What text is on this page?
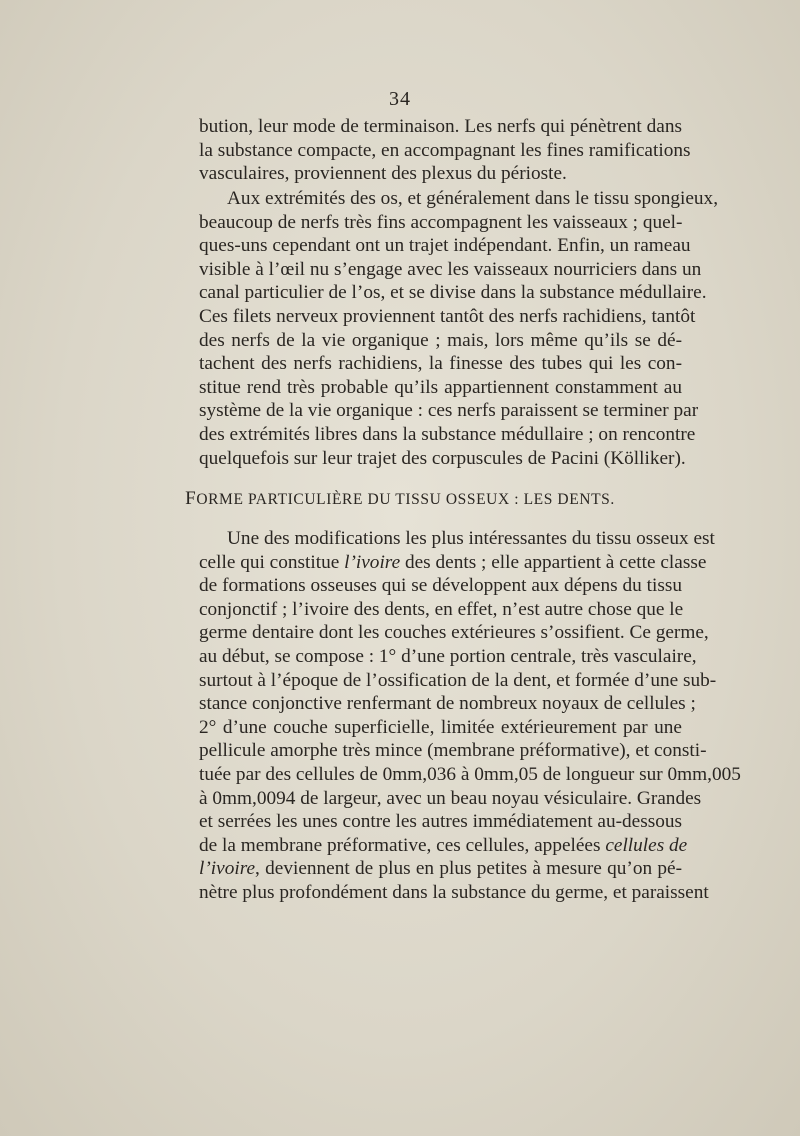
34
bution, leur mode de terminaison. Les nerfs qui pénètrent dans
la substance compacte, en accompagnant les fines ramifications
vasculaires, proviennent des plexus du périoste.
Aux extrémités des os, et généralement dans le tissu spongieux,
beaucoup de nerfs très fins accompagnent les vaisseaux ; quel-
ques-uns cependant ont un trajet indépendant. Enfin, un rameau
visible à l’œil nu s’engage avec les vaisseaux nourriciers dans un
canal particulier de l’os, et se divise dans la substance médullaire.
Ces filets nerveux proviennent tantôt des nerfs rachidiens, tantôt
des nerfs de la vie organique ; mais, lors même qu’ils se dé-
tachent des nerfs rachidiens, la finesse des tubes qui les con-
stitue rend très probable qu’ils appartiennent constamment au
système de la vie organique : ces nerfs paraissent se terminer par
des extrémités libres dans la substance médullaire ; on rencontre
quelquefois sur leur trajet des corpuscules de Pacini (Kölliker).
FORME PARTICULIÈRE DU TISSU OSSEUX : LES DENTS.
Une des modifications les plus intéressantes du tissu osseux est
celle qui constitue l’ivoire des dents ; elle appartient à cette classe
de formations osseuses qui se développent aux dépens du tissu
conjonctif ; l’ivoire des dents, en effet, n’est autre chose que le
germe dentaire dont les couches extérieures s’ossifient. Ce germe,
au début, se compose : 1° d’une portion centrale, très vasculaire,
surtout à l’époque de l’ossification de la dent, et formée d’une sub-
stance conjonctive renfermant de nombreux noyaux de cellules ;
2° d’une couche superficielle, limitée extérieurement par une
pellicule amorphe très mince (membrane préformative), et consti-
tuée par des cellules de 0mm,036 à 0mm,05 de longueur sur 0mm,005
à 0mm,0094 de largeur, avec un beau noyau vésiculaire. Grandes
et serrées les unes contre les autres immédiatement au-dessous
de la membrane préformative, ces cellules, appelées cellules de
l’ivoire, deviennent de plus en plus petites à mesure qu’on pé-
nètre plus profondément dans la substance du germe, et paraissent
